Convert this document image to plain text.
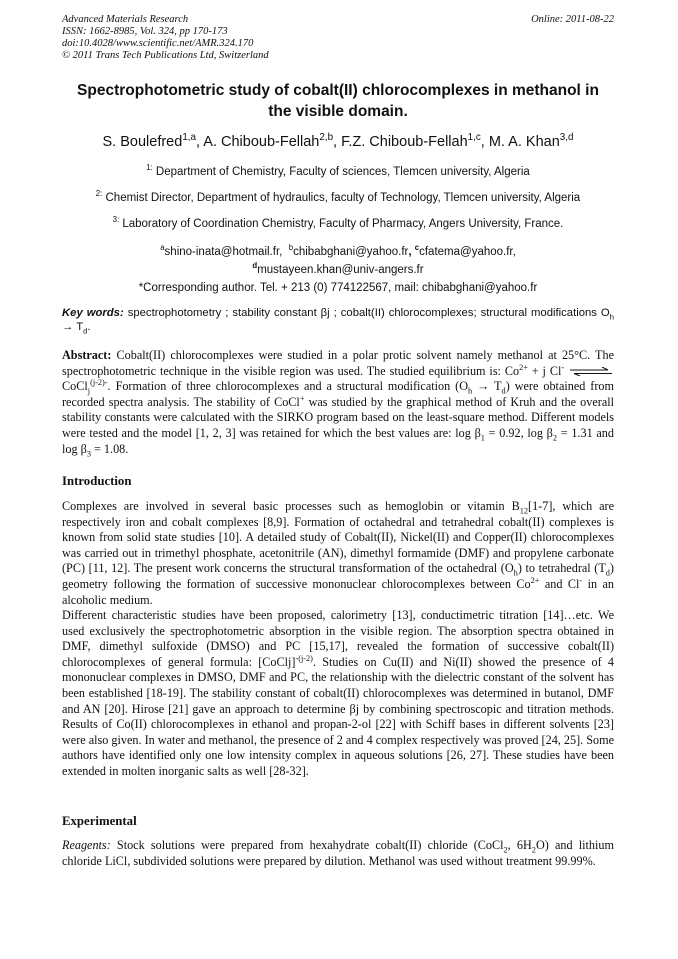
Advanced Materials Research
ISSN: 1662-8985, Vol. 324, pp 170-173
doi:10.4028/www.scientific.net/AMR.324.170
© 2011 Trans Tech Publications Ltd, Switzerland
Online: 2011-08-22
Spectrophotometric study of cobalt(II) chlorocomplexes in methanol in
the visible domain.
S. Boulefred$^{1,a}$, A. Chiboub-Fellah$^{2,b}$, F.Z. Chiboub-Fellah$^{1,c}$, M. A. Khan$^{3,d}$
$^{1:}$ Department of Chemistry, Faculty of sciences, Tlemcen university, Algeria
$^{2:}$ Chemist Director, Department of hydraulics, faculty of Technology, Tlemcen university, Algeria
$^{3:}$ Laboratory of Coordination Chemistry, Faculty of Pharmacy, Angers University, France.
$^a$shino-inata@hotmail.fr, $^b$chibabghani@yahoo.fr, $^c$cfatema@yahoo.fr,
$^d$mustayeen.khan@univ-angers.fr
*Corresponding author. Tel. + 213 (0) 774122567, mail: chibabghani@yahoo.fr
Key words: spectrophotometry ; stability constant βj ; cobalt(II) chlorocomplexes; structural modifications $O_h \to T_d$.
Abstract: Cobalt(II) chlorocomplexes were studied in a polar protic solvent namely methanol at 25°C. The spectrophotometric technique in the visible region was used. The studied equilibrium is: $Co^{2+} + j$ Cl-  CoCl$_j^{(j-2)-}$. Formation of three chlorocomplexes and a structural modification $(O_h \to T_d)$ were obtained from recorded spectra analysis. The stability of CoCl+ was studied by the graphical method of Kruh and the overall stability constants were calculated with the SIRKO program based on the least-square method. Different models were tested and the model [1, 2, 3] was retained for which the best values are: $\log \beta_1 = 0.92$, $\log \beta_2 = 1.31$ and $\log \beta_3 = 1.08$.
Introduction
Complexes are involved in several basic processes such as hemoglobin or vitamin $B_{12}[1-7]$, which are respectively iron and cobalt complexes [8,9]. Formation of octahedral and tetrahedral cobalt(II) complexes is known from solid state studies [10]. A detailed study of Cobalt(II), Nickel(II) and Copper(II) chlorocomplexes was carried out in trimethyl phosphate, acetonitrile (AN), dimethyl formamide (DMF) and propylene carbonate (PC) [11, 12]. The present work concerns the structural transformation of the octahedral $(O_h)$ to tetrahedral $(T_d)$ geometry following the formation of successive mononuclear chlorocomplexes between $Co^{2+}$ and Cl- in an alcoholic medium.
Different characteristic studies have been proposed, calorimetry [13], conductimetric titration [14]…etc. We used exclusively the spectrophotometric absorption in the visible region. The absorption spectra obtained in DMF, dimethyl sulfoxide (DMSO) and PC [15,17], revealed the formation of successive cobalt(II) chlorocomplexes of general formula: [CoClj]$^{-(j-2)}$. Studies on Cu(II) and Ni(II) showed the presence of 4 mononuclear complexes in DMSO, DMF and PC, the relationship with the dielectric constant of the solvent has been established [18-19]. The stability constant of cobalt(II) chlorocomplexes was determined in butanol, DMF and AN [20]. Hirose [21] gave an approach to determine βj by combining spectroscopic and titration methods. Results of Co(II) chlorocomplexes in ethanol and propan-2-ol [22] with Schiff bases in different solvents [23] were also given. In water and methanol, the presence of 2 and 4 complex respectively was proved [24, 25]. Some authors have identified only one low intensity complex in aqueous solutions [26, 27]. These studies have been extended in molten inorganic salts as well [28-32].
Experimental
Reagents: Stock solutions were prepared from hexahydrate cobalt(II) chloride (CoCl$_2$, $6H_2O$) and lithium chloride LiCl, subdivided solutions were prepared by dilution. Methanol was used without treatment 99.99%.
